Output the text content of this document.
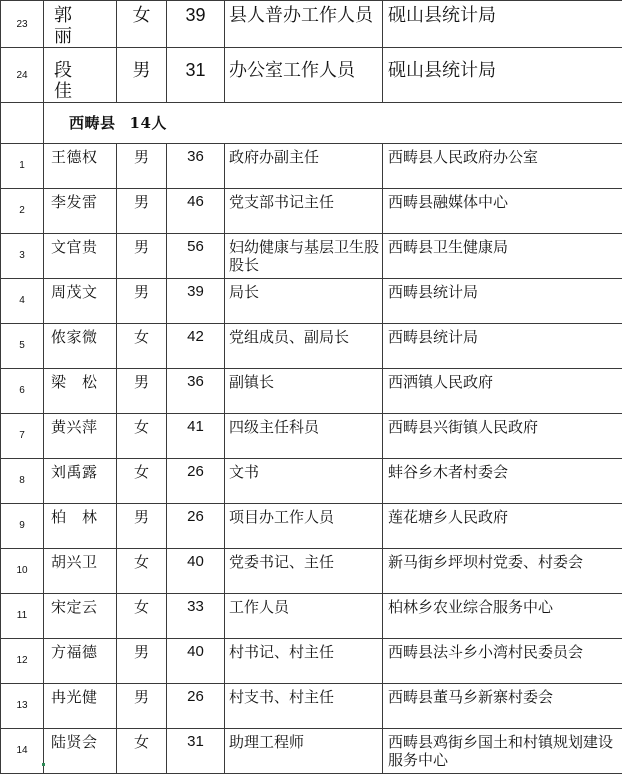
23	郭　丽	女	39	县人普办工作人员	砚山县统计局
24	段　佳	男	31	办公室工作人员	砚山县统计局
	西畴县 14人				
1	王德权	男	36	政府办副主任	西畴县人民政府办公室
2	李发雷	男	46	党支部书记主任	西畴县融媒体中心
3	文官贵	男	56	妇幼健康与基层卫生股股长	西畴县卫生健康局
4	周茂文	男	39	局长	西畴县统计局
5	侬家微	女	42	党组成员、副局长	西畴县统计局
6	梁　松	男	36	副镇长	西洒镇人民政府
7	黄兴萍	女	41	四级主任科员	西畴县兴街镇人民政府
8	刘禹露	女	26	文书	蚌谷乡木者村委会
9	柏　林	男	26	项目办工作人员	莲花塘乡人民政府
10	胡兴卫	女	40	党委书记、主任	新马街乡坪坝村党委、村委会
11	宋定云	女	33	工作人员	柏林乡农业综合服务中心
12	方福德	男	40	村书记、村主任	西畴县法斗乡小湾村民委员会
13	冉光健	男	26	村支书、村主任	西畴县董马乡新寨村委会
14	陆贤会	女	31	助理工程师	西畴县鸡街乡国土和村镇规划建设服务中心
